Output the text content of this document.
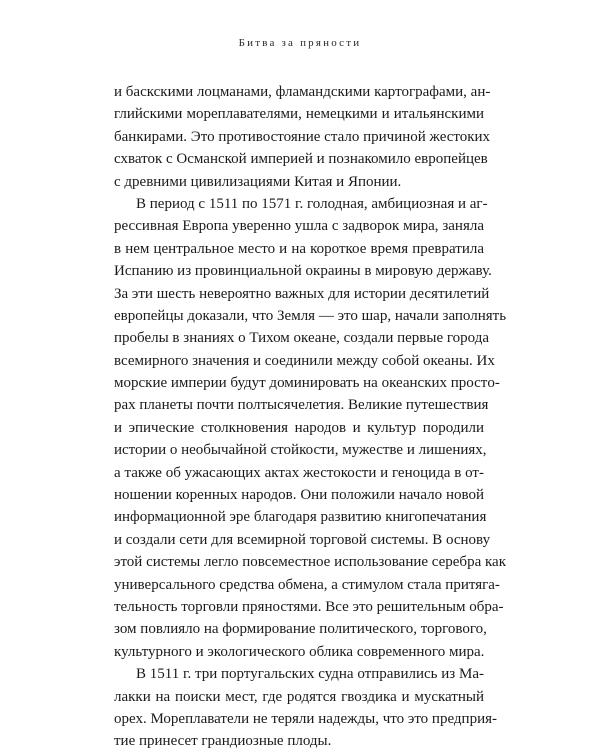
Битва за пряности
и баскскими лоцманами, фламандскими картографами, ан-
глийскими мореплавателями, немецкими и итальянскими
банкирами. Это противостояние стало причиной жестоких
схваток с Османской империей и познакомило европейцев
с древними цивилизациями Китая и Японии.
В период с 1511 по 1571 г. голодная, амбициозная и аг-
рессивная Европа уверенно ушла с задворок мира, заняла
в нем центральное место и на короткое время превратила
Испанию из провинциальной окраины в мировую державу.
За эти шесть невероятно важных для истории десятилетий
европейцы доказали, что Земля — это шар, начали заполнять
пробелы в знаниях о Тихом океане, создали первые города
всемирного значения и соединили между собой океаны. Их
морские империи будут доминировать на океанских простo-
рах планеты почти полтысячелетия. Великие путешествия
и эпические столкновения народов и культур породили
истории о необычайной стойкости, мужестве и лишениях,
а также об ужасающих актах жестокости и геноцида в от-
ношении коренных народов. Они положили начало новой
информационной эре благодаря развитию книгопечатания
и создали сети для всемирной торговой системы. В основу
этой системы легло повсеместное использование серебра как
универсального средства обмена, а стимулом стала притяга-
тельность торговли пряностями. Все это решительным обра-
зом повлияло на формирование политического, торгового,
культурного и экологического облика современного мира.
В 1511 г. три португальских судна отправились из Ма-
лакки на поиски мест, где родятся гвоздика и мускатный
орех. Мореплаватели не теряли надежды, что это предприя-
тие принесет грандиозные плоды.
